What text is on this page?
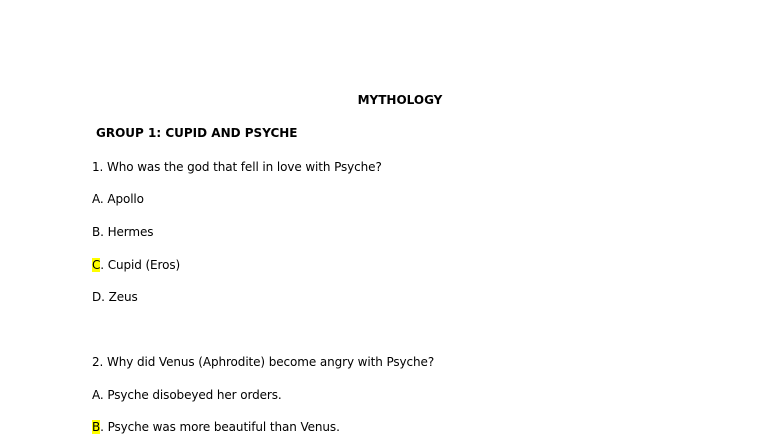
MYTHOLOGY
GROUP 1: CUPID AND PSYCHE
1. Who was the god that fell in love with Psyche?
A. Apollo
B. Hermes
C. Cupid (Eros)
D. Zeus
2. Why did Venus (Aphrodite) become angry with Psyche?
A. Psyche disobeyed her orders.
B. Psyche was more beautiful than Venus.
